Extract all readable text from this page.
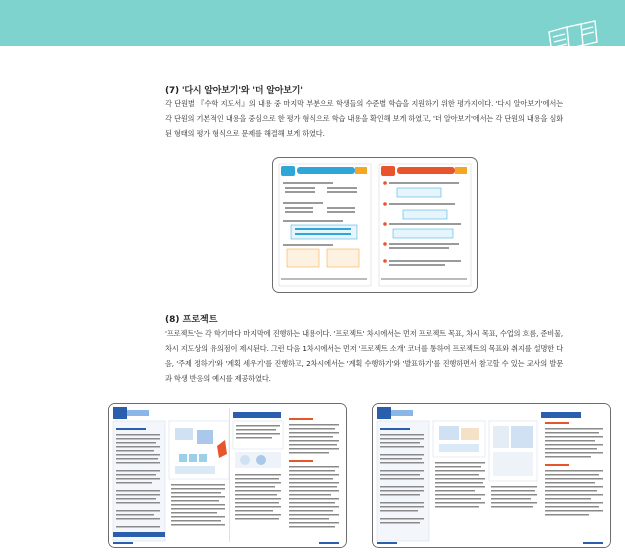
(7) '다시 알아보기'와 '더 알아보기'
각 단원별 『수학 지도서』의 내용 중 마지막 부분으로 학생들의 수준별 학습을 지원하기 위한 평가지이다. '다시 알아보기'에서는 각 단원의 기본적인 내용을 중심으로 한 평가 형식으로 학습 내용을 확인해 보게 하였고, '더 알아보기'에서는 각 단원의 내용을 심화된 형태의 평가 형식으로 문제를 해결해 보게 하였다.
(8) 프로젝트
'프로젝트'는 각 학기마다 마지막에 진행하는 내용이다. '프로젝트' 차시에서는 먼저 프로젝트 목표, 차시 목표, 수업의 흐름, 준비물, 차시 지도상의 유의점이 제시된다. 그런 다음 1차시에서는 먼저 '프로젝트 소개' 코너를 통하여 프로젝트의 목표와 취지를 설명한 다음, '주제 정하기'와 '계획 세우기'를 진행하고, 2차시에서는 '계획 수행하기'와 '발표하기'를 진행하면서 참고할 수 있는 교사의 발문과 학생 반응의 예시를 제공하였다.
